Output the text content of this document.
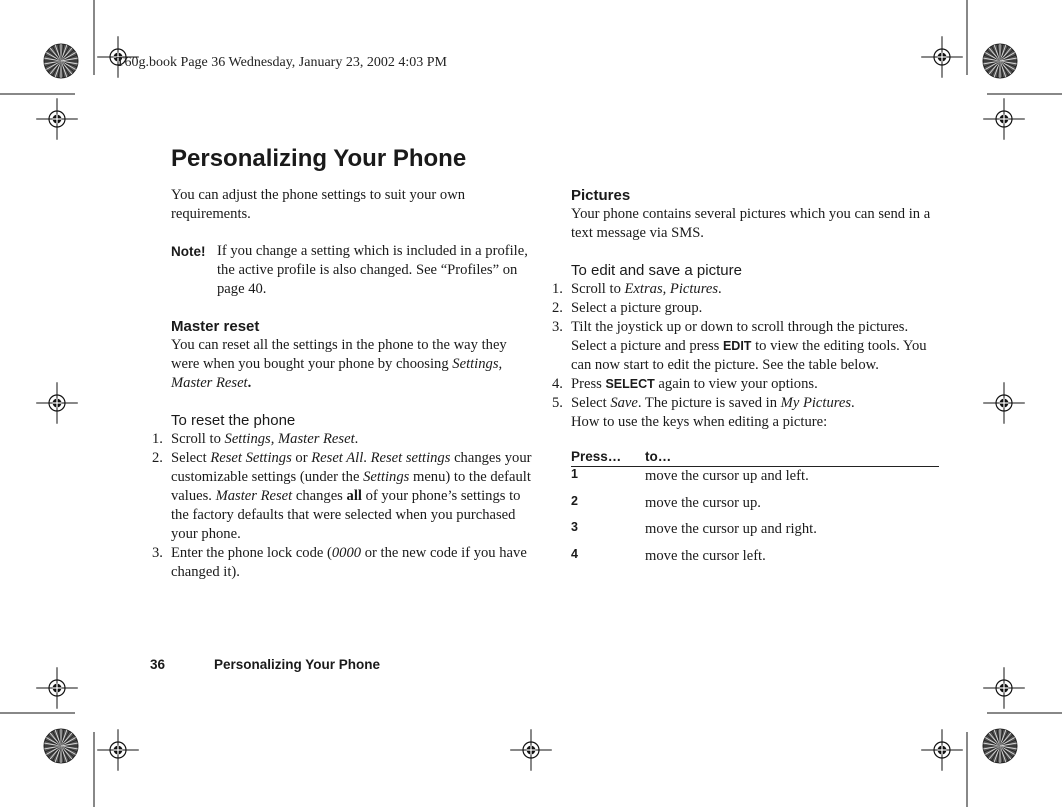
T60g.book Page 36 Wednesday, January 23, 2002 4:03 PM
Personalizing Your Phone

You can adjust the phone settings to suit your own requirements.

Note! If you change a setting which is included in a profile, the active profile is also changed. See “Profiles” on page 40.
Master reset

You can reset all the settings in the phone to the way they were when you bought your phone by choosing Settings, Master Reset.

To reset the phone
1. Scroll to Settings, Master Reset.
2. Select Reset Settings or Reset All. Reset settings changes your customizable settings (under the Settings menu) to the default values. Master Reset changes all of your phone’s settings to the factory defaults that were selected when you purchased your phone.
3. Enter the phone lock code (0000 or the new code if you have changed it).
Pictures

Your phone contains several pictures which you can send in a text message via SMS.

To edit and save a picture
1. Scroll to Extras, Pictures.
2. Select a picture group.
3. Tilt the joystick up or down to scroll through the pictures. Select a picture and press EDIT to view the editing tools. You can now start to edit the picture. See the table below.
4. Press SELECT again to view your options.
5. Select Save. The picture is saved in My Pictures.
How to use the keys when editing a picture:
Press…	to…
1	move the cursor up and left.
2	move the cursor up.
3	move the cursor up and right.
4	move the cursor left.
36	Personalizing Your Phone
